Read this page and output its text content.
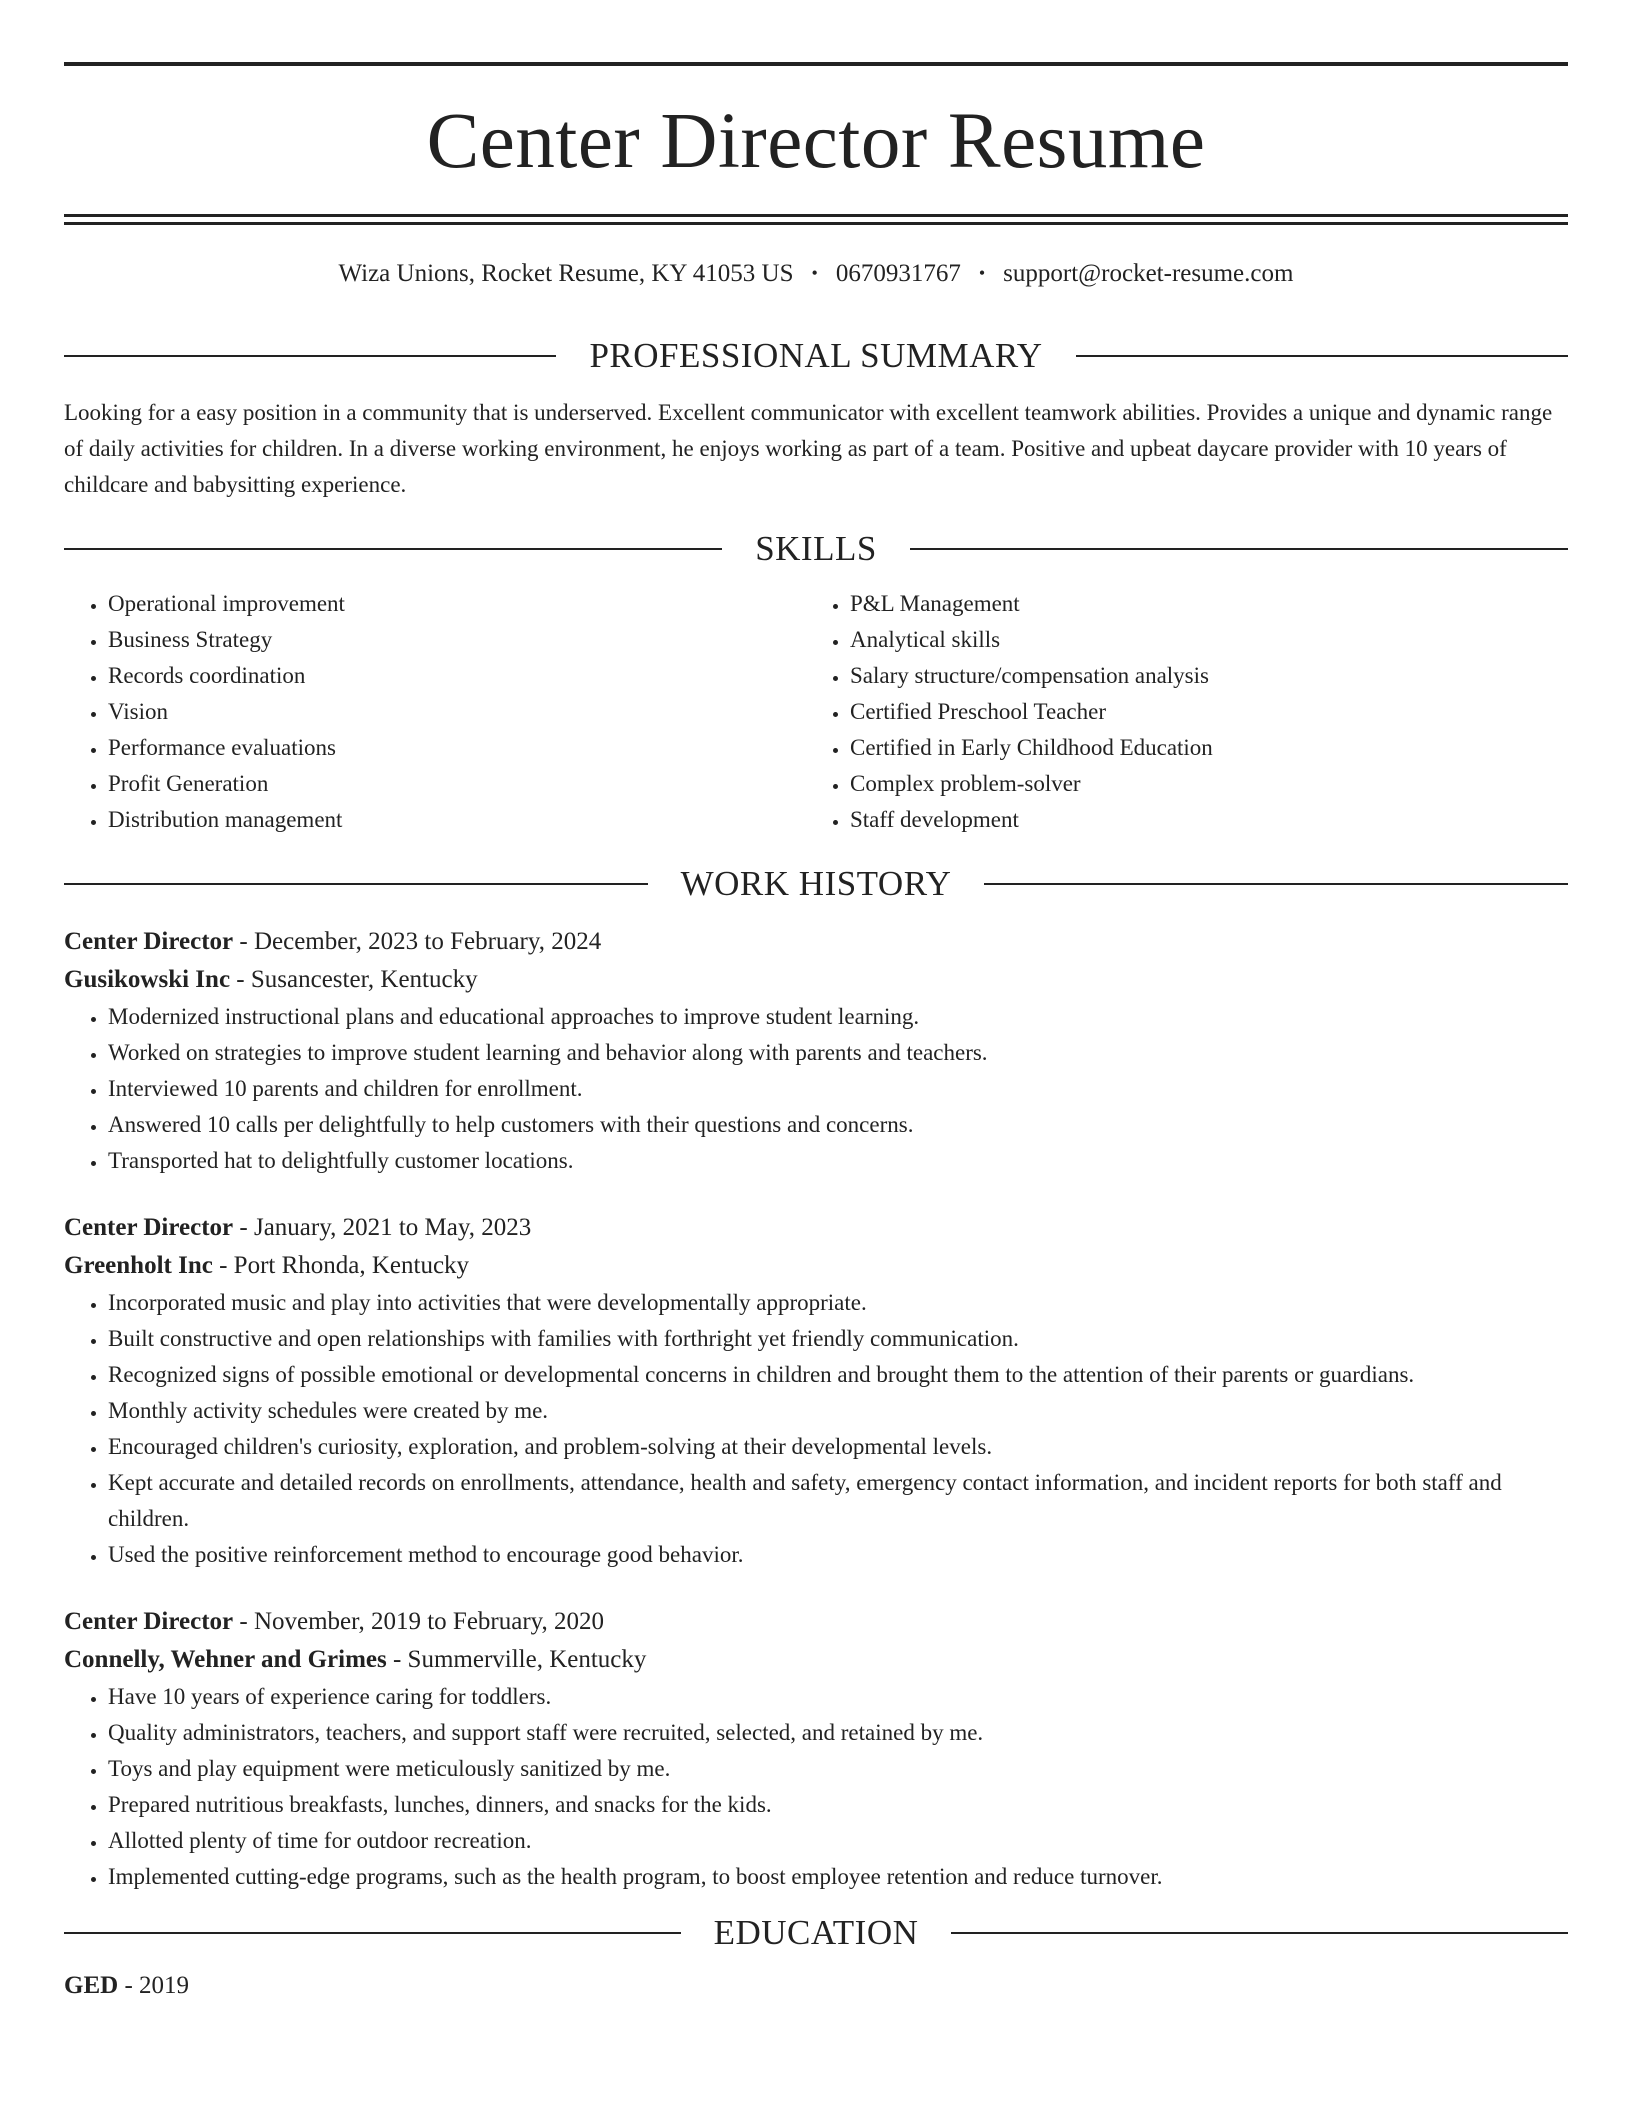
Center Director Resume
Wiza Unions, Rocket Resume, KY 41053 US • 0670931767 • support@rocket-resume.com
PROFESSIONAL SUMMARY

Looking for a easy position in a community that is underserved. Excellent communicator with excellent teamwork abilities. Provides a unique and dynamic range of daily activities for children. In a diverse working environment, he enjoys working as part of a team. Positive and upbeat daycare provider with 10 years of childcare and babysitting experience.

SKILLS
• Operational improvement
• Business Strategy
• Records coordination
• Vision
• Performance evaluations
• Profit Generation
• Distribution management
• P&L Management
• Analytical skills
• Salary structure/compensation analysis
• Certified Preschool Teacher
• Certified in Early Childhood Education
• Complex problem-solver
• Staff development
WORK HISTORY
Center Director - December, 2023 to February, 2024
Gusikowski Inc - Susancester, Kentucky
• Modernized instructional plans and educational approaches to improve student learning.
• Worked on strategies to improve student learning and behavior along with parents and teachers.
• Interviewed 10 parents and children for enrollment.
• Answered 10 calls per delightfully to help customers with their questions and concerns.
• Transported hat to delightfully customer locations.
Center Director - January, 2021 to May, 2023
Greenholt Inc - Port Rhonda, Kentucky
• Incorporated music and play into activities that were developmentally appropriate.
• Built constructive and open relationships with families with forthright yet friendly communication.
• Recognized signs of possible emotional or developmental concerns in children and brought them to the attention of their parents or guardians.
• Monthly activity schedules were created by me.
• Encouraged children's curiosity, exploration, and problem-solving at their developmental levels.
• Kept accurate and detailed records on enrollments, attendance, health and safety, emergency contact information, and incident reports for both staff and children.
• Used the positive reinforcement method to encourage good behavior.
Center Director - November, 2019 to February, 2020
Connelly, Wehner and Grimes - Summerville, Kentucky
• Have 10 years of experience caring for toddlers.
• Quality administrators, teachers, and support staff were recruited, selected, and retained by me.
• Toys and play equipment were meticulously sanitized by me.
• Prepared nutritious breakfasts, lunches, dinners, and snacks for the kids.
• Allotted plenty of time for outdoor recreation.
• Implemented cutting-edge programs, such as the health program, to boost employee retention and reduce turnover.
EDUCATION
GED - 2019
